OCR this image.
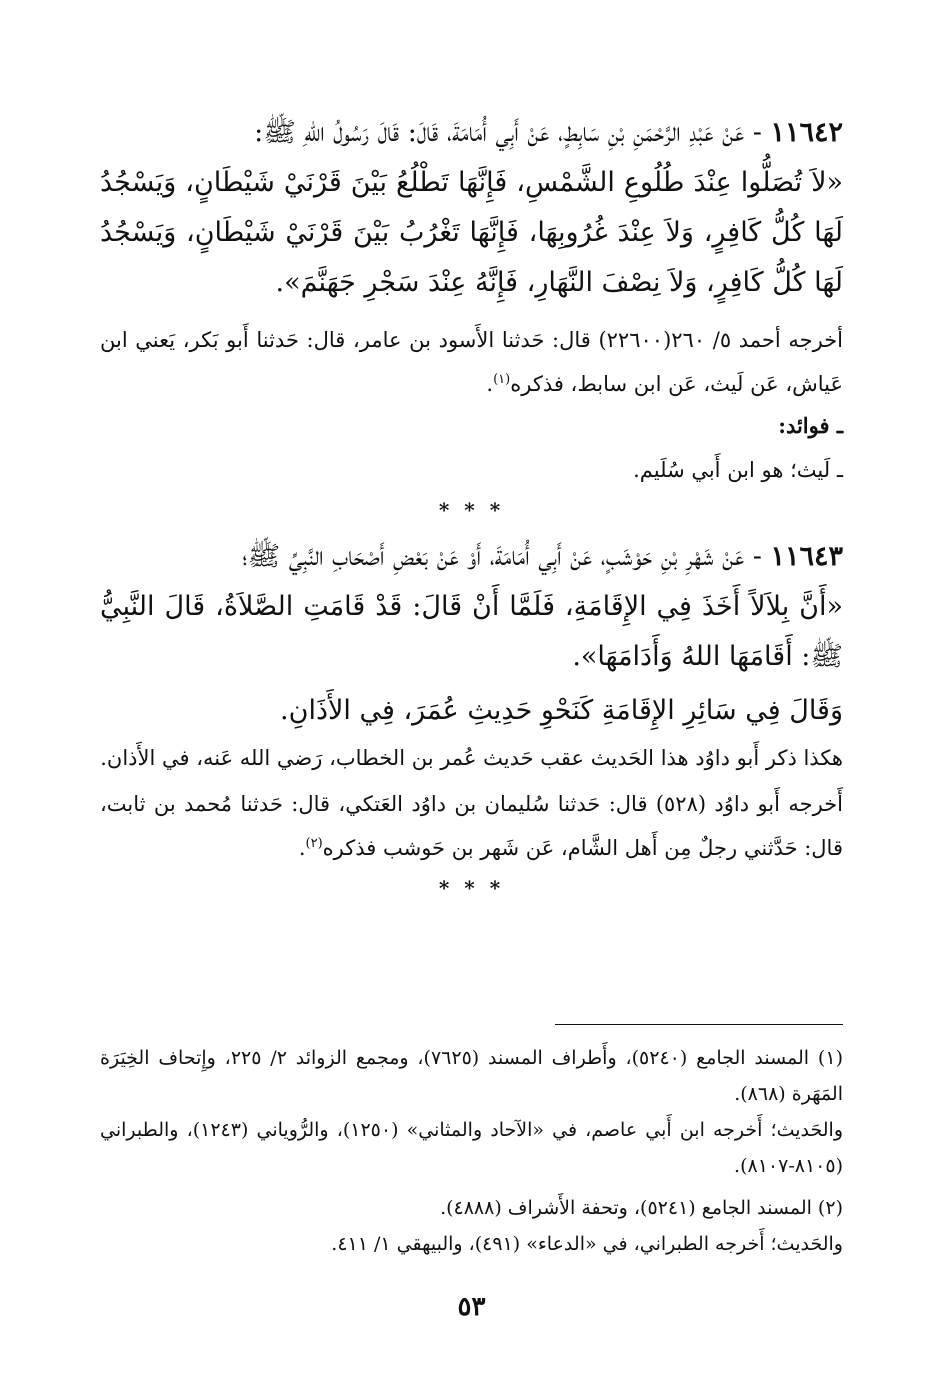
١١٦٤٢ - عَنْ عَبْدِ الرَّحْمَنِ بْنِ سَابِطٍ، عَنْ أَبِي أُمَامَةَ، قَالَ: قَالَ رَسُولُ اللهِ ﷺ:

«لاَ تُصَلُّوا عِنْدَ طُلُوعِ الشَّمْسِ، فَإِنَّهَا تَطْلُعُ بَيْنَ قَرْنَيْ شَيْطَانٍ، وَيَسْجُدُ لَهَا كُلُّ كَافِرٍ، وَلاَ عِنْدَ غُرُوبِهَا، فَإِنَّهَا تَغْرُبُ بَيْنَ قَرْنَيْ شَيْطَانٍ، وَيَسْجُدُ لَهَا كُلُّ كَافِرٍ، وَلاَ نِصْفَ النَّهَارِ، فَإِنَّهُ عِنْدَ سَجْرِ جَهَنَّمَ».

أخرجه أحمد ٥/ ٢٦٠(٢٢٦٠٠) قال: حَدثنا الأَسود بن عامر، قال: حَدثنا أَبو بَكر، يَعني ابن عَياش، عَن لَيث، عَن ابن سابط، فذكره$^{(١)}$.

ـ فوائد:

ـ لَيث؛ هو ابن أَبي سُلَيم.

* * *

١١٦٤٣ - عَنْ شَهْرِ بْنِ حَوْشَبٍ، عَنْ أَبِي أُمَامَةَ، أَوْ عَنْ بَعْضِ أَصْحَابِ النَّبِيِّ ﷺ؛

«أَنَّ بِلاَلاً أَخَذَ فِي الإِقَامَةِ، فَلَمَّا أَنْ قَالَ: قَدْ قَامَتِ الصَّلاَةُ، قَالَ النَّبِيُّ ﷺ: أَقَامَهَا اللهُ وَأَدَامَهَا».

وَقَالَ فِي سَائِرِ الإِقَامَةِ كَنَحْوِ حَدِيثِ عُمَرَ، فِي الأَذَانِ.

هكذا ذكر أَبو داوُد هذا الحَديث عقب حَديث عُمر بن الخطاب، رَضي الله عَنه، في الأَذان.

أَخرجه أَبو داوُد (٥٢٨) قال: حَدثنا سُليمان بن داوُد العَتكي، قال: حَدثنا مُحمد بن ثابت، قال: حَدَّثني رجلٌ مِن أَهل الشَّام، عَن شَهر بن حَوشب فذكره$^{(٢)}$.

* * *

(١) المسند الجامع (٥٢٤٠)، وأَطراف المسند (٧٦٢٥)، ومجمع الزوائد ٢/ ٢٢٥، وإِتحاف الخِيَرَة المَهَرة (٨٦٨).

والحَديث؛ أَخرجه ابن أَبي عاصم، في «الآحاد والمثاني» (١٢٥٠)، والرُّوياني (١٢٤٣)، والطبراني (٨١٠٥-٨١٠٧).

(٢) المسند الجامع (٥٢٤١)، وتحفة الأَشراف (٤٨٨٨).

والحَديث؛ أَخرجه الطبراني، في «الدعاء» (٤٩١)، والبيهقي ١/ ٤١١.

٥٣
